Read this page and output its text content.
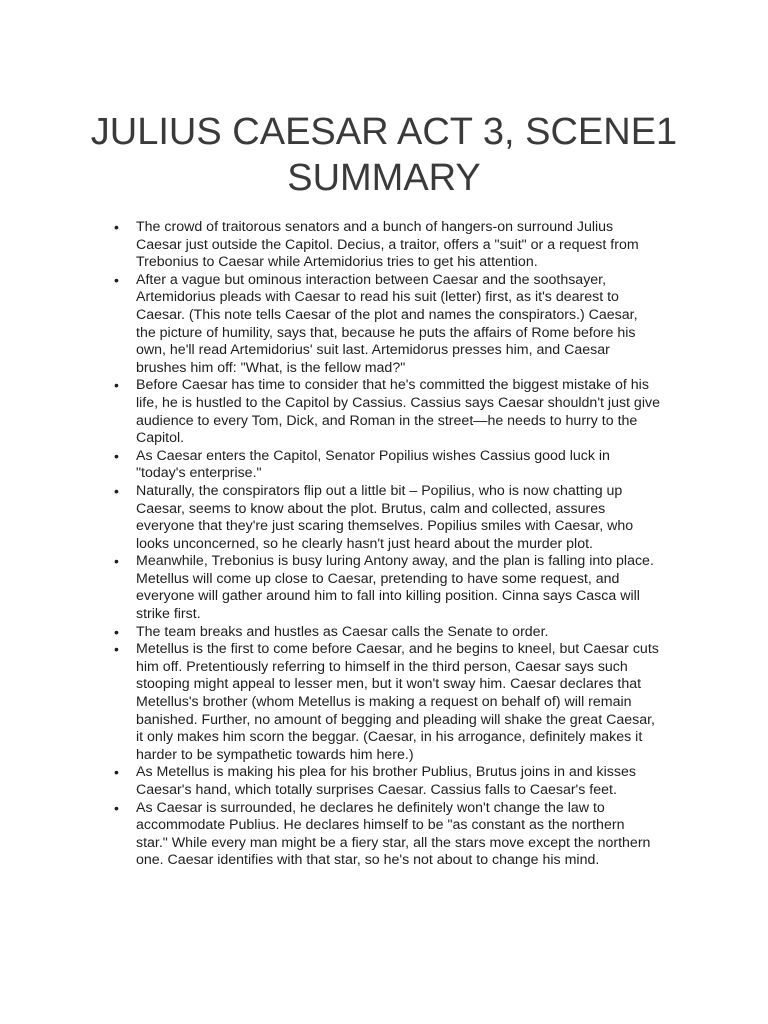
JULIUS CAESAR ACT 3, SCENE1
SUMMARY
• The crowd of traitorous senators and a bunch of hangers-on surround Julius Caesar just outside the Capitol. Decius, a traitor, offers a "suit" or a request from Trebonius to Caesar while Artemidorius tries to get his attention.
• After a vague but ominous interaction between Caesar and the soothsayer, Artemidorius pleads with Caesar to read his suit (letter) first, as it's dearest to Caesar. (This note tells Caesar of the plot and names the conspirators.) Caesar, the picture of humility, says that, because he puts the affairs of Rome before his own, he'll read Artemidorius' suit last. Artemidorus presses him, and Caesar brushes him off: "What, is the fellow mad?"
• Before Caesar has time to consider that he's committed the biggest mistake of his life, he is hustled to the Capitol by Cassius. Cassius says Caesar shouldn't just give audience to every Tom, Dick, and Roman in the street—he needs to hurry to the Capitol.
• As Caesar enters the Capitol, Senator Popilius wishes Cassius good luck in "today's enterprise."
• Naturally, the conspirators flip out a little bit – Popilius, who is now chatting up Caesar, seems to know about the plot. Brutus, calm and collected, assures everyone that they're just scaring themselves. Popilius smiles with Caesar, who looks unconcerned, so he clearly hasn't just heard about the murder plot.
• Meanwhile, Trebonius is busy luring Antony away, and the plan is falling into place. Metellus will come up close to Caesar, pretending to have some request, and everyone will gather around him to fall into killing position. Cinna says Casca will strike first.
• The team breaks and hustles as Caesar calls the Senate to order.
• Metellus is the first to come before Caesar, and he begins to kneel, but Caesar cuts him off. Pretentiously referring to himself in the third person, Caesar says such stooping might appeal to lesser men, but it won't sway him. Caesar declares that Metellus's brother (whom Metellus is making a request on behalf of) will remain banished. Further, no amount of begging and pleading will shake the great Caesar, it only makes him scorn the beggar. (Caesar, in his arrogance, definitely makes it harder to be sympathetic towards him here.)
• As Metellus is making his plea for his brother Publius, Brutus joins in and kisses Caesar's hand, which totally surprises Caesar. Cassius falls to Caesar's feet.
• As Caesar is surrounded, he declares he definitely won't change the law to accommodate Publius. He declares himself to be "as constant as the northern star." While every man might be a fiery star, all the stars move except the northern one. Caesar identifies with that star, so he's not about to change his mind.
